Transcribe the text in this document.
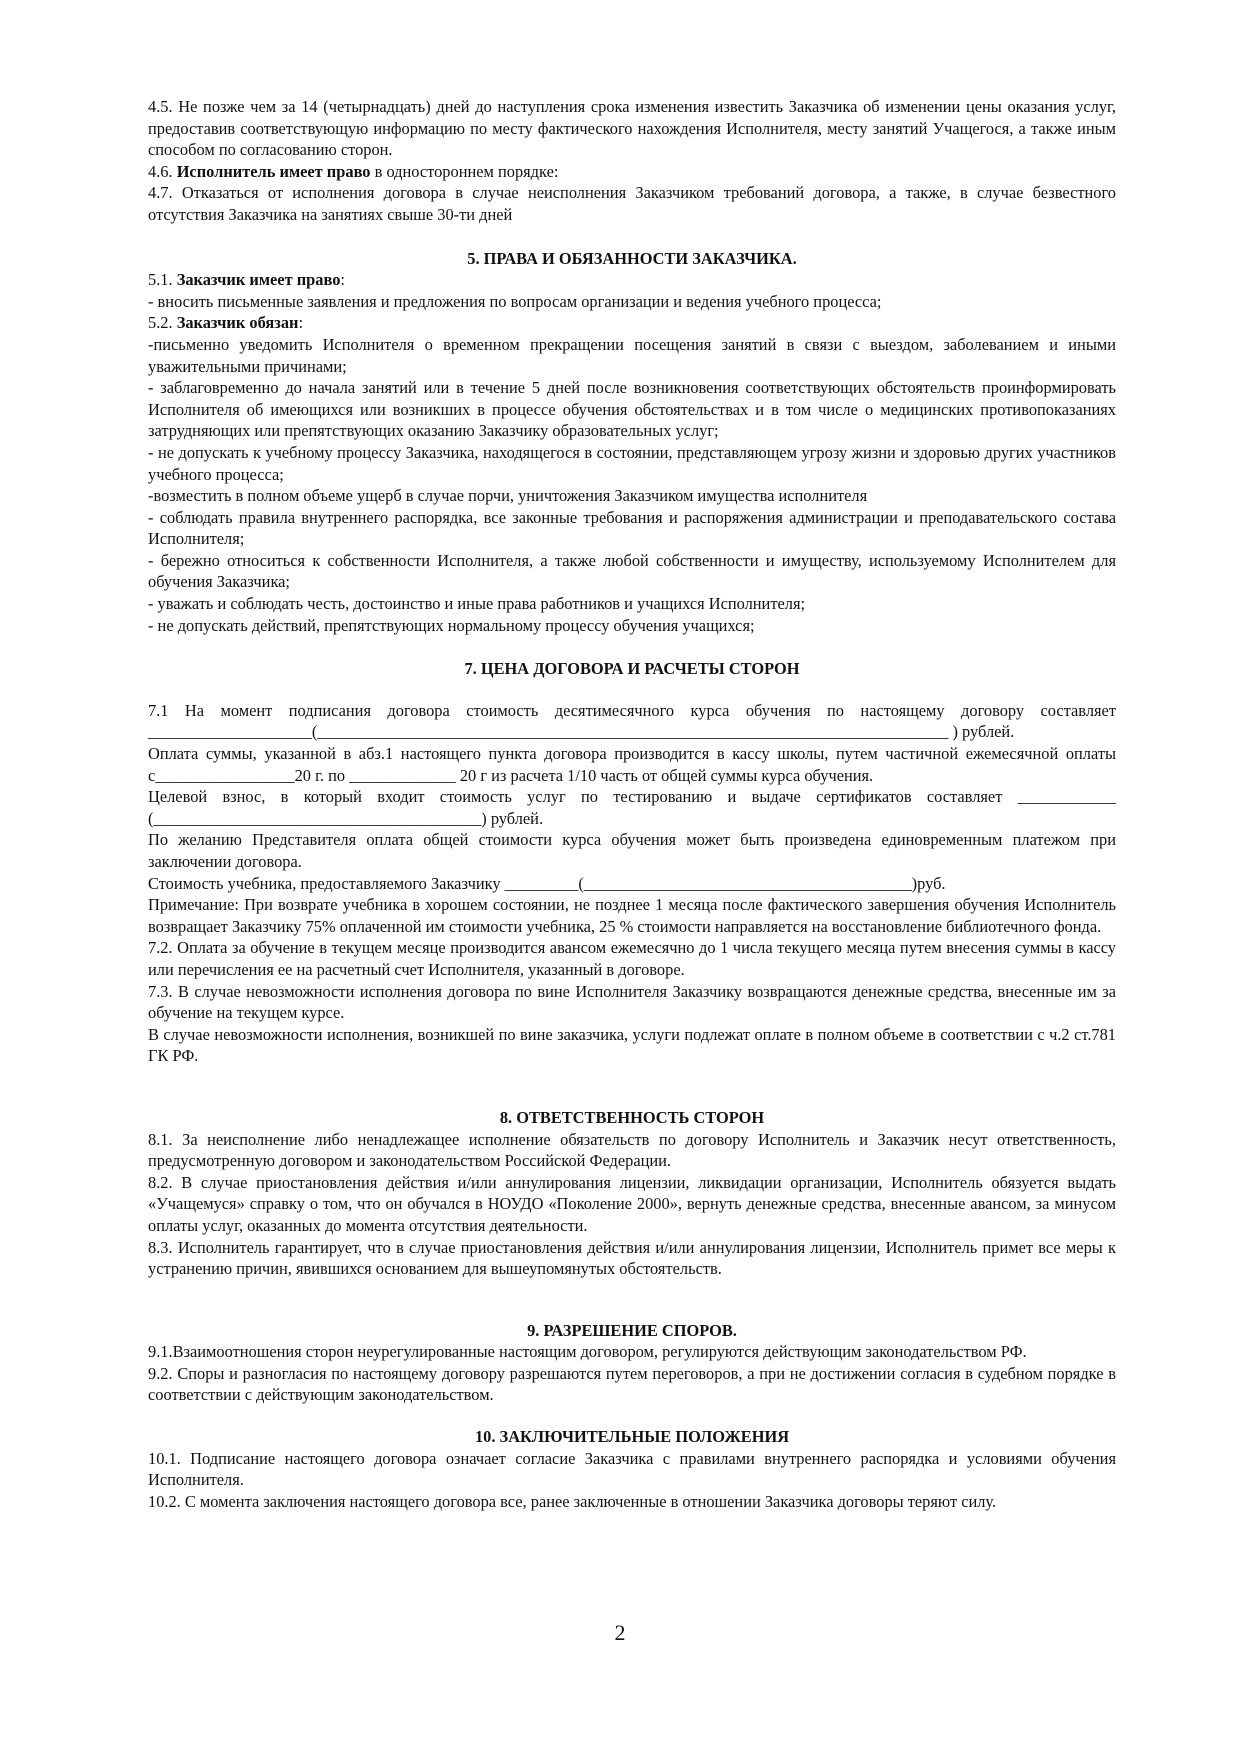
4.5. Не позже чем за 14 (четырнадцать) дней до наступления срока изменения известить Заказчика об изменении цены оказания услуг, предоставив соответствующую информацию по месту фактического нахождения Исполнителя, месту занятий Учащегося, а также иным способом по согласованию сторон.

4.6. Исполнитель имеет право в одностороннем порядке:

4.7. Отказаться от исполнения договора в случае неисполнения Заказчиком требований договора, а также, в случае безвестного отсутствия Заказчика на занятиях свыше 30-ти дней

5. ПРАВА И ОБЯЗАННОСТИ ЗАКАЗЧИКА.

5.1. Заказчик имеет право:

- вносить письменные заявления и предложения по вопросам организации и ведения учебного процесса;

5.2. Заказчик обязан:

-письменно уведомить Исполнителя о временном прекращении посещения занятий в связи с выездом, заболеванием и иными уважительными причинами;

- заблаговременно до начала занятий или в течение 5 дней после возникновения соответствующих обстоятельств проинформировать Исполнителя об имеющихся или возникших в процессе обучения обстоятельствах и в том числе о медицинских противопоказаниях затрудняющих или препятствующих оказанию Заказчику образовательных услуг;

- не допускать к учебному процессу Заказчика, находящегося в состоянии, представляющем угрозу жизни и здоровью других участников учебного процесса;

-возместить в полном объеме ущерб в случае порчи, уничтожения Заказчиком имущества исполнителя

- соблюдать правила внутреннего распорядка, все законные требования и распоряжения администрации и преподавательского состава Исполнителя;

- бережно относиться к собственности Исполнителя, а также любой собственности и имуществу, используемому Исполнителем для обучения Заказчика;

- уважать и соблюдать честь, достоинство и иные права работников и учащихся Исполнителя;

- не допускать действий, препятствующих нормальному процессу обучения учащихся;

7. ЦЕНА ДОГОВОРА И РАСЧЕТЫ СТОРОН

7.1 На момент подписания договора стоимость десятимесячного курса обучения по настоящему договору составляет ____________________(_____________________________________________________________________________ ) рублей.

Оплата суммы, указанной в абз.1 настоящего пункта договора производится в кассу школы, путем частичной ежемесячной оплаты с_________________20 г. по _____________ 20 г из расчета 1/10 часть от общей суммы курса обучения.

Целевой взнос, в который входит стоимость услуг по тестированию и выдаче сертификатов составляет ____________ (________________________________________) рублей.

По желанию Представителя оплата общей стоимости курса обучения может быть произведена единовременным платежом при заключении договора.

Стоимость учебника, предоставляемого Заказчику _________(________________________________________)руб.

Примечание: При возврате учебника в хорошем состоянии, не позднее 1 месяца после фактического завершения обучения Исполнитель возвращает Заказчику 75% оплаченной им стоимости учебника, 25 % стоимости направляется на восстановление библиотечного фонда.

7.2. Оплата за обучение в текущем месяце производится авансом ежемесячно до 1 числа текущего месяца путем внесения суммы в кассу или перечисления ее на расчетный счет Исполнителя, указанный в договоре.

7.3. В случае невозможности исполнения договора по вине Исполнителя Заказчику возвращаются денежные средства, внесенные им за обучение на текущем курсе.

В случае невозможности исполнения, возникшей по вине заказчика, услуги подлежат оплате в полном объеме в соответствии с ч.2 ст.781 ГК РФ.

8. ОТВЕТСТВЕННОСТЬ СТОРОН

8.1. За неисполнение либо ненадлежащее исполнение обязательств по договору Исполнитель и Заказчик несут ответственность, предусмотренную договором и законодательством Российской Федерации.

8.2. В случае приостановления действия и/или аннулирования лицензии, ликвидации организации, Исполнитель обязуется выдать «Учащемуся» справку о том, что он обучался в НОУДО «Поколение 2000», вернуть денежные средства, внесенные авансом, за минусом оплаты услуг, оказанных до момента отсутствия деятельности.

8.3. Исполнитель гарантирует, что в случае приостановления действия и/или аннулирования лицензии, Исполнитель примет все меры к устранению причин, явившихся основанием для вышеупомянутых обстоятельств.

9. РАЗРЕШЕНИЕ СПОРОВ.

9.1.Взаимоотношения сторон неурегулированные настоящим договором, регулируются действующим законодательством РФ.

9.2. Споры и разногласия по настоящему договору разрешаются путем переговоров, а при не достижении согласия в судебном порядке в соответствии с действующим законодательством.

10. ЗАКЛЮЧИТЕЛЬНЫЕ ПОЛОЖЕНИЯ

10.1. Подписание настоящего договора означает согласие Заказчика с правилами внутреннего распорядка и условиями обучения Исполнителя.

10.2. С момента заключения настоящего договора все, ранее заключенные в отношении Заказчика договоры теряют силу.

2
